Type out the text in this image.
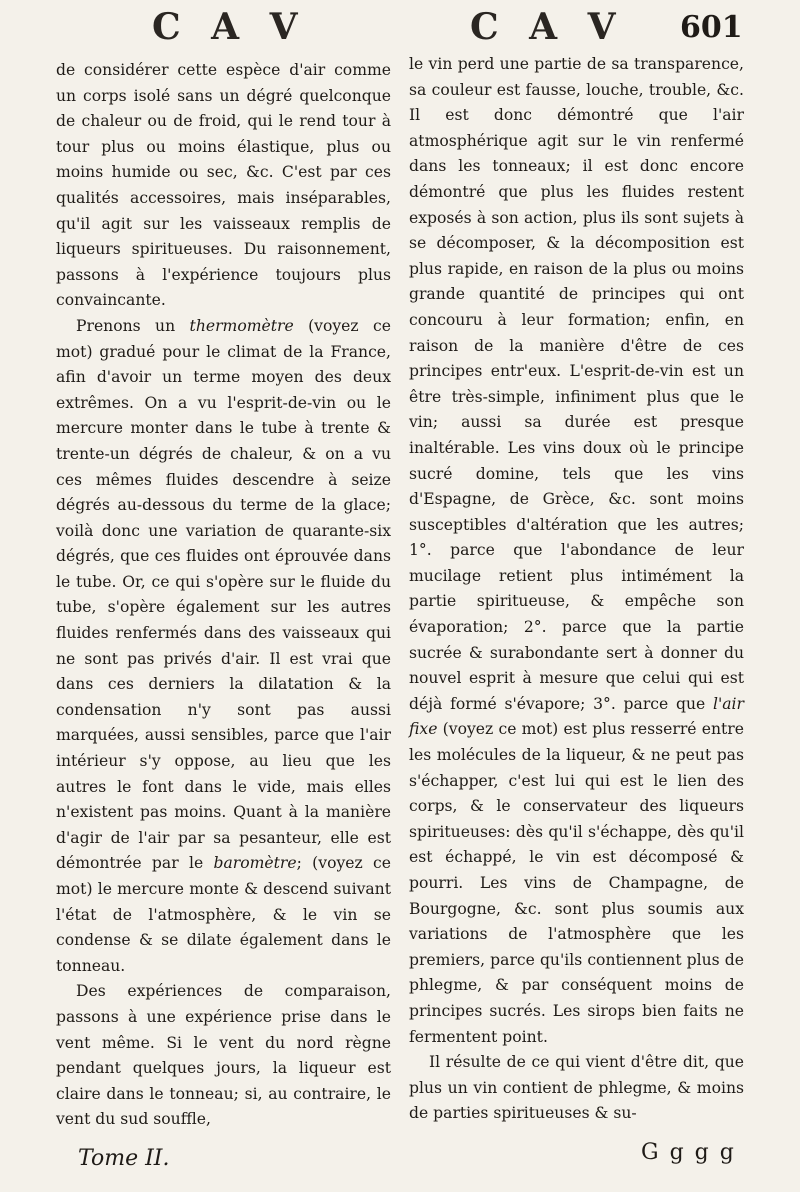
C A V	C A V 601

de considérer cette espèce d'air comme un corps isolé sans un dégré quelconque de chaleur ou de froid, qui le rend tour à tour plus ou moins élastique, plus ou moins humide ou sec, &c. C'est par ces qualités accessoires, mais inséparables, qu'il agit sur les vaisseaux remplis de liqueurs spiritueuses. Du raisonnement, passons à l'expérience toujours plus convaincante.

Prenons un thermomètre (voyez ce mot) gradué pour le climat de la France, afin d'avoir un terme moyen des deux extrêmes. On a vu l'esprit-de-vin ou le mercure monter dans le tube à trente & trente-un dégrés de chaleur, & on a vu ces mêmes fluides descendre à seize dégrés au-dessous du terme de la glace; voilà donc une variation de quarante-six dégrés, que ces fluides ont éprouvée dans le tube. Or, ce qui s'opère sur le fluide du tube, s'opère également sur les autres fluides renfermés dans des vaisseaux qui ne sont pas privés d'air. Il est vrai que dans ces derniers la dilatation & la condensation n'y sont pas aussi marquées, aussi sensibles, parce que l'air intérieur s'y oppose, au lieu que les autres le font dans le vide, mais elles n'existent pas moins. Quant à la manière d'agir de l'air par sa pesanteur, elle est démontrée par le baromètre; (voyez ce mot) le mercure monte & descend suivant l'état de l'atmosphère, & le vin se condense & se dilate également dans le tonneau.

Des expériences de comparaison, passons à une expérience prise dans le vent même. Si le vent du nord règne pendant quelques jours, la liqueur est claire dans le tonneau; si, au contraire, le vent du sud souffle,

le vin perd une partie de sa transparence, sa couleur est fausse, louche, trouble, &c. Il est donc démontré que l'air atmosphérique agit sur le vin renfermé dans les tonneaux; il est donc encore démontré que plus les fluides restent exposés à son action, plus ils sont sujets à se décomposer, & la décomposition est plus rapide, en raison de la plus ou moins grande quantité de principes qui ont concouru à leur formation; enfin, en raison de la manière d'être de ces principes entr'eux. L'esprit-de-vin est un être très-simple, infiniment plus que le vin; aussi sa durée est presque inaltérable. Les vins doux où le principe sucré domine, tels que les vins d'Espagne, de Grèce, &c. sont moins susceptibles d'altération que les autres; 1°. parce que l'abondance de leur mucilage retient plus intimément la partie spiritueuse, & empêche son évaporation; 2°. parce que la partie sucrée & surabondante sert à donner du nouvel esprit à mesure que celui qui est déjà formé s'évapore; 3°. parce que l'air fixe (voyez ce mot) est plus resserré entre les molécules de la liqueur, & ne peut pas s'échapper, c'est lui qui est le lien des corps, & le conservateur des liqueurs spiritueuses: dès qu'il s'échappe, dès qu'il est échappé, le vin est décomposé & pourri. Les vins de Champagne, de Bourgogne, &c. sont plus soumis aux variations de l'atmosphère que les premiers, parce qu'ils contiennent plus de phlegme, & par conséquent moins de principes sucrés. Les sirops bien faits ne fermentent point.

Il résulte de ce qui vient d'être dit, que plus un vin contient de phlegme, & moins de parties spiritueuses & su-

Tome II.	G g g g
